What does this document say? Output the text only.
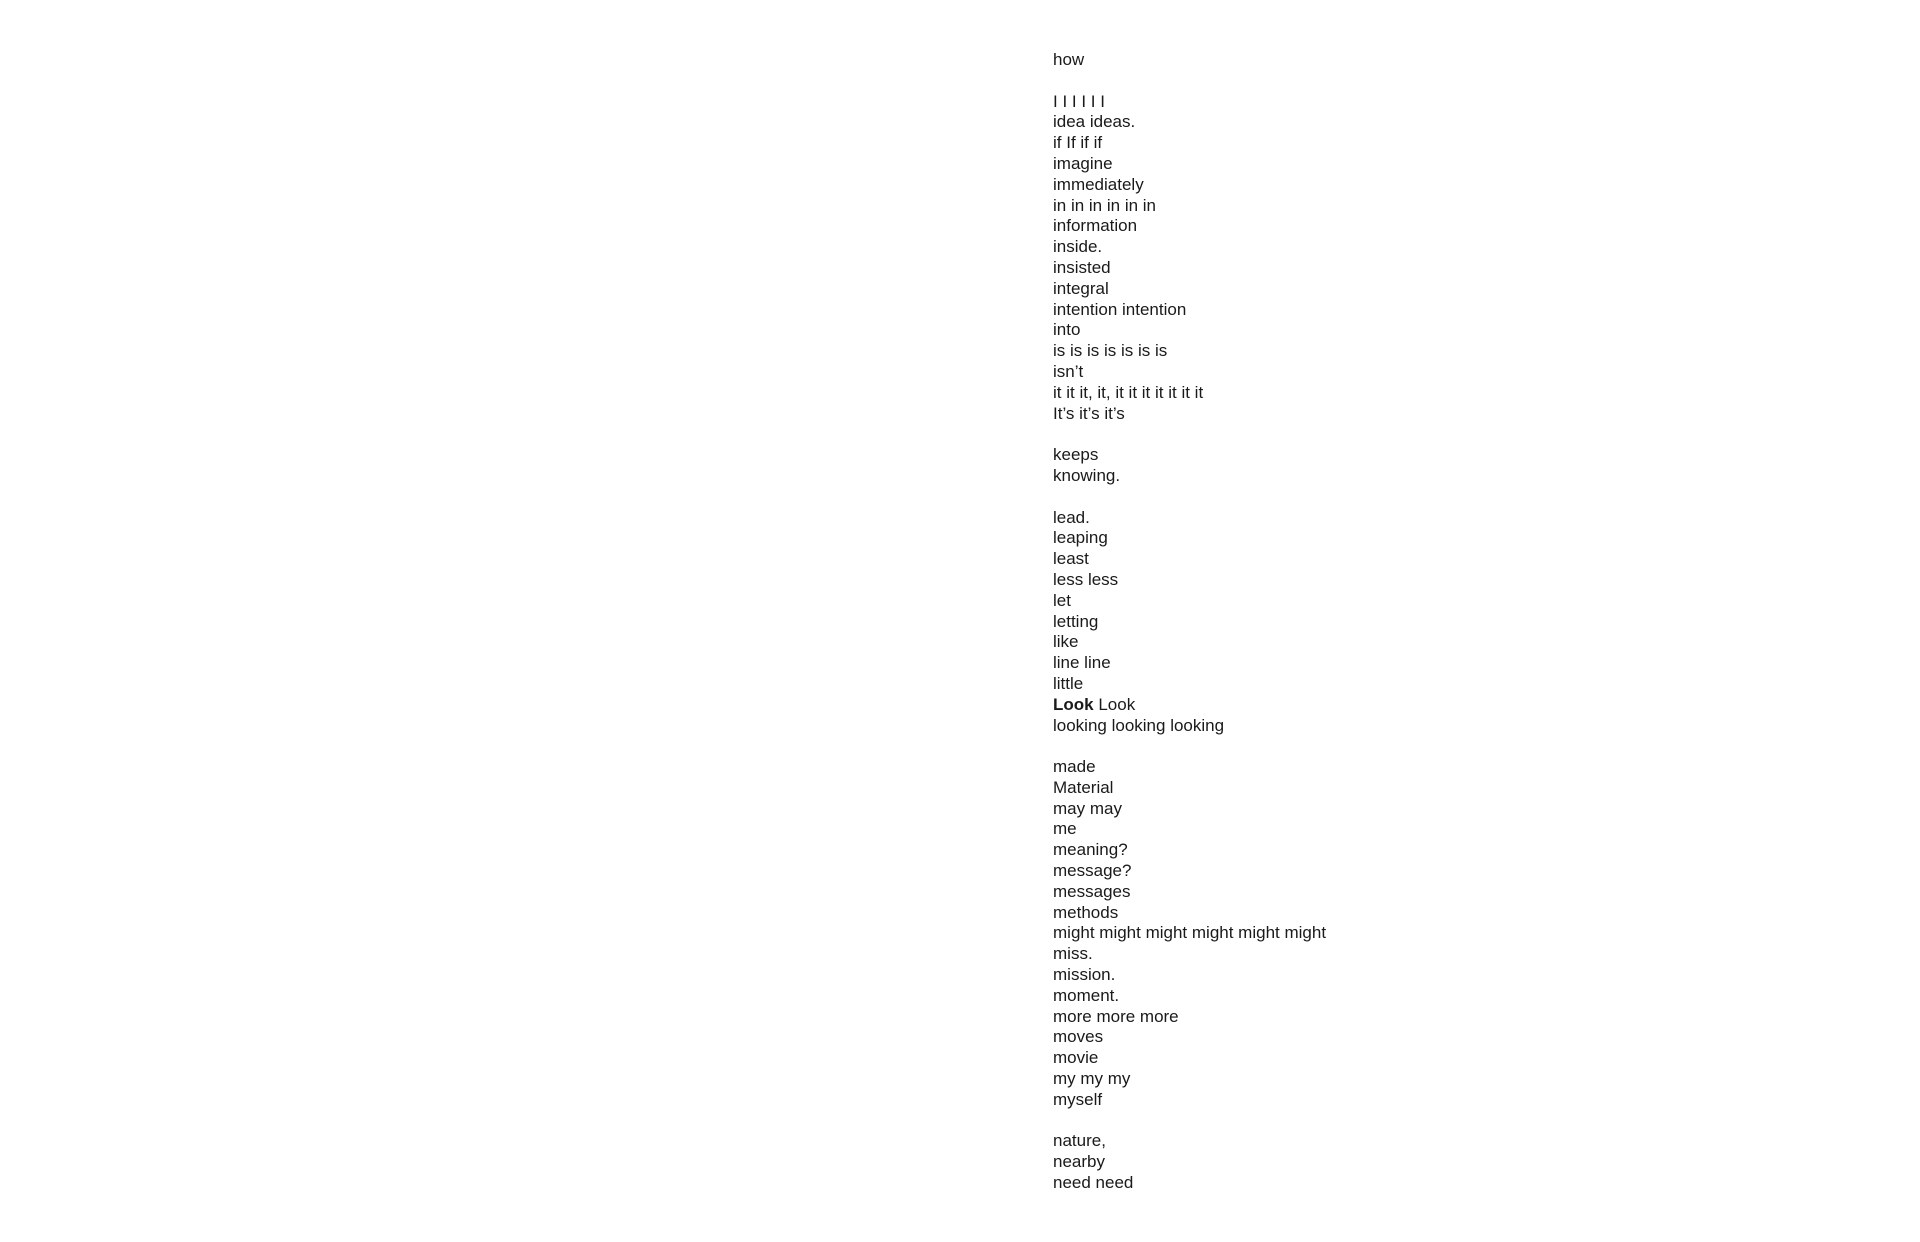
how

I I I I I I
idea ideas.
if If if if
imagine
immediately
in in in in in in
information
inside.
insisted
integral
intention intention
into
is is is is is is is
isn’t
it it it, it, it it it it it it it
It’s it’s it’s

keeps
knowing.

lead.
leaping
least
less less
let
letting
like
line line
little
Look Look
looking looking looking

made
Material
may may
me
meaning?
message?
messages
methods
might might might might might might
miss.
mission.
moment.
more more more
moves
movie
my my my
myself

nature,
nearby
need need
